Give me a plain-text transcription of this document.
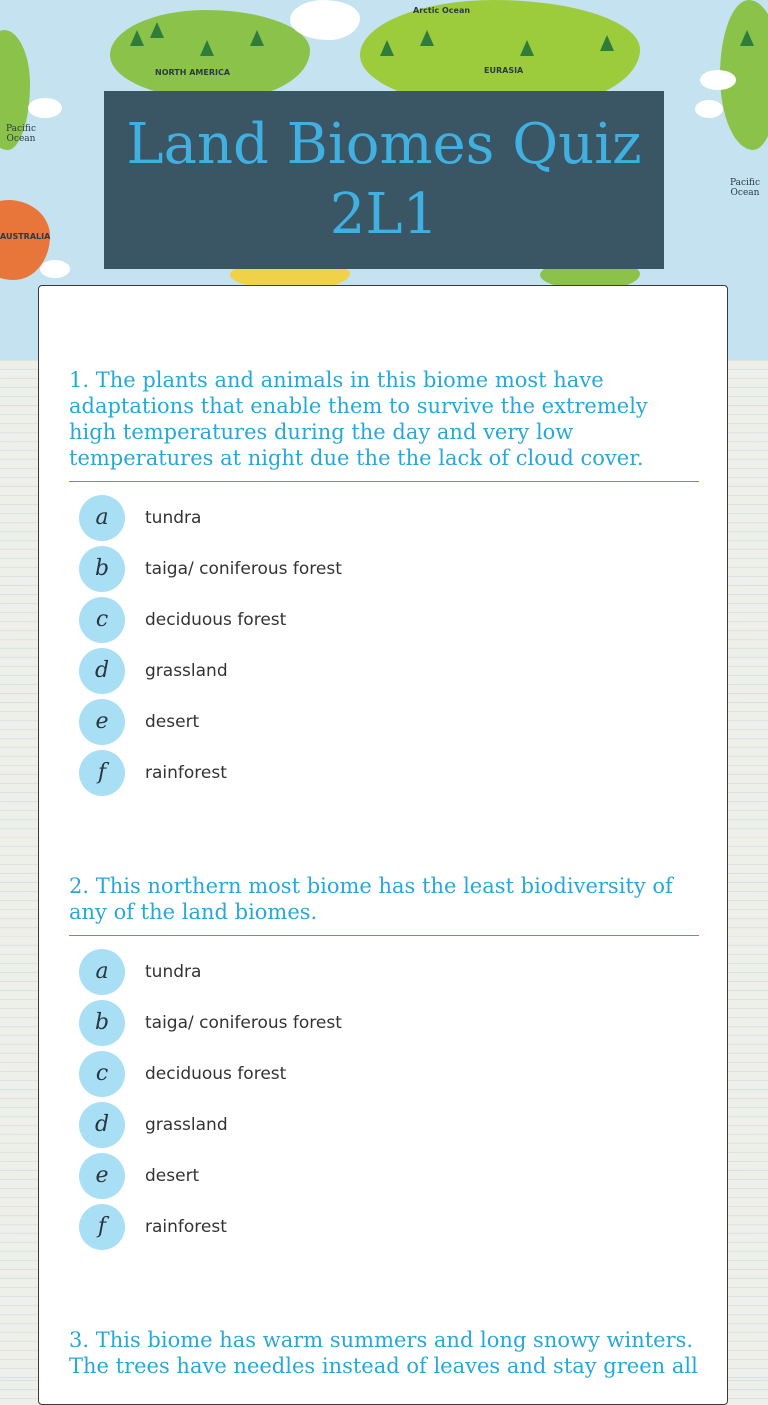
Arctic Ocean
NORTH AMERICA	EURASIA
AUSTRALIA
Pacific
Ocean
Pacific
Ocean
Land Biomes Quiz 2L1

1. The plants and animals in this biome most have adaptations that enable them to survive the extremely high temperatures during the day and very low temperatures at night due the the lack of cloud cover.

a	tundra
b	taiga/ coniferous forest
c	deciduous forest
d	grassland
e	desert
f	rainforest

2. This northern most biome has the least biodiversity of any of the land biomes.

a	tundra
b	taiga/ coniferous forest
c	deciduous forest
d	grassland
e	desert
f	rainforest

3. This biome has warm summers and long snowy winters. The trees have needles instead of leaves and stay green all
